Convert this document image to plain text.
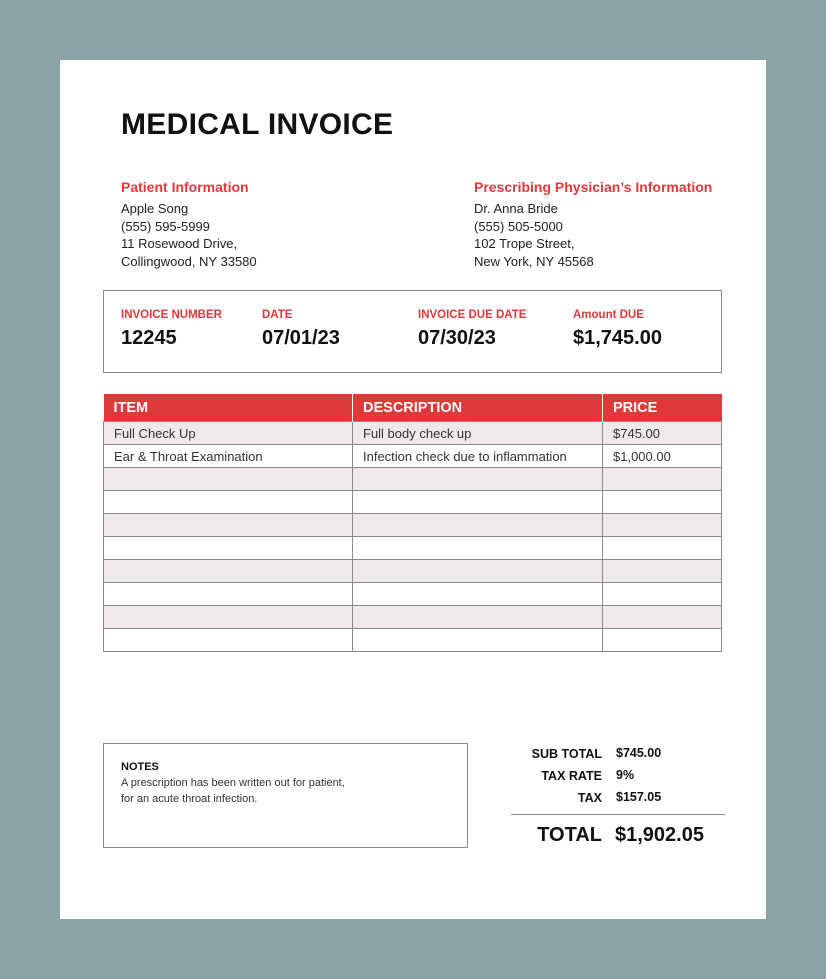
MEDICAL INVOICE
Patient Information
Apple Song
(555) 595-5999
11 Rosewood Drive,
Collingwood, NY 33580
Prescribing Physician’s Information
Dr. Anna Bride
(555) 505-5000
102 Trope Street,
New York, NY 45568
INVOICE NUMBER
12245
DATE
07/01/23
INVOICE DUE DATE
07/30/23
Amount DUE
$1,745.00
ITEM	DESCRIPTION	PRICE
Full Check Up	Full body check up	$745.00
Ear & Throat Examination	Infection check due to inflammation	$1,000.00

NOTES
A prescription has been written out for patient,
for an acute throat infection.
SUB TOTAL $745.00
TAX RATE 9%
TAX $157.05
TOTAL $1,902.05
